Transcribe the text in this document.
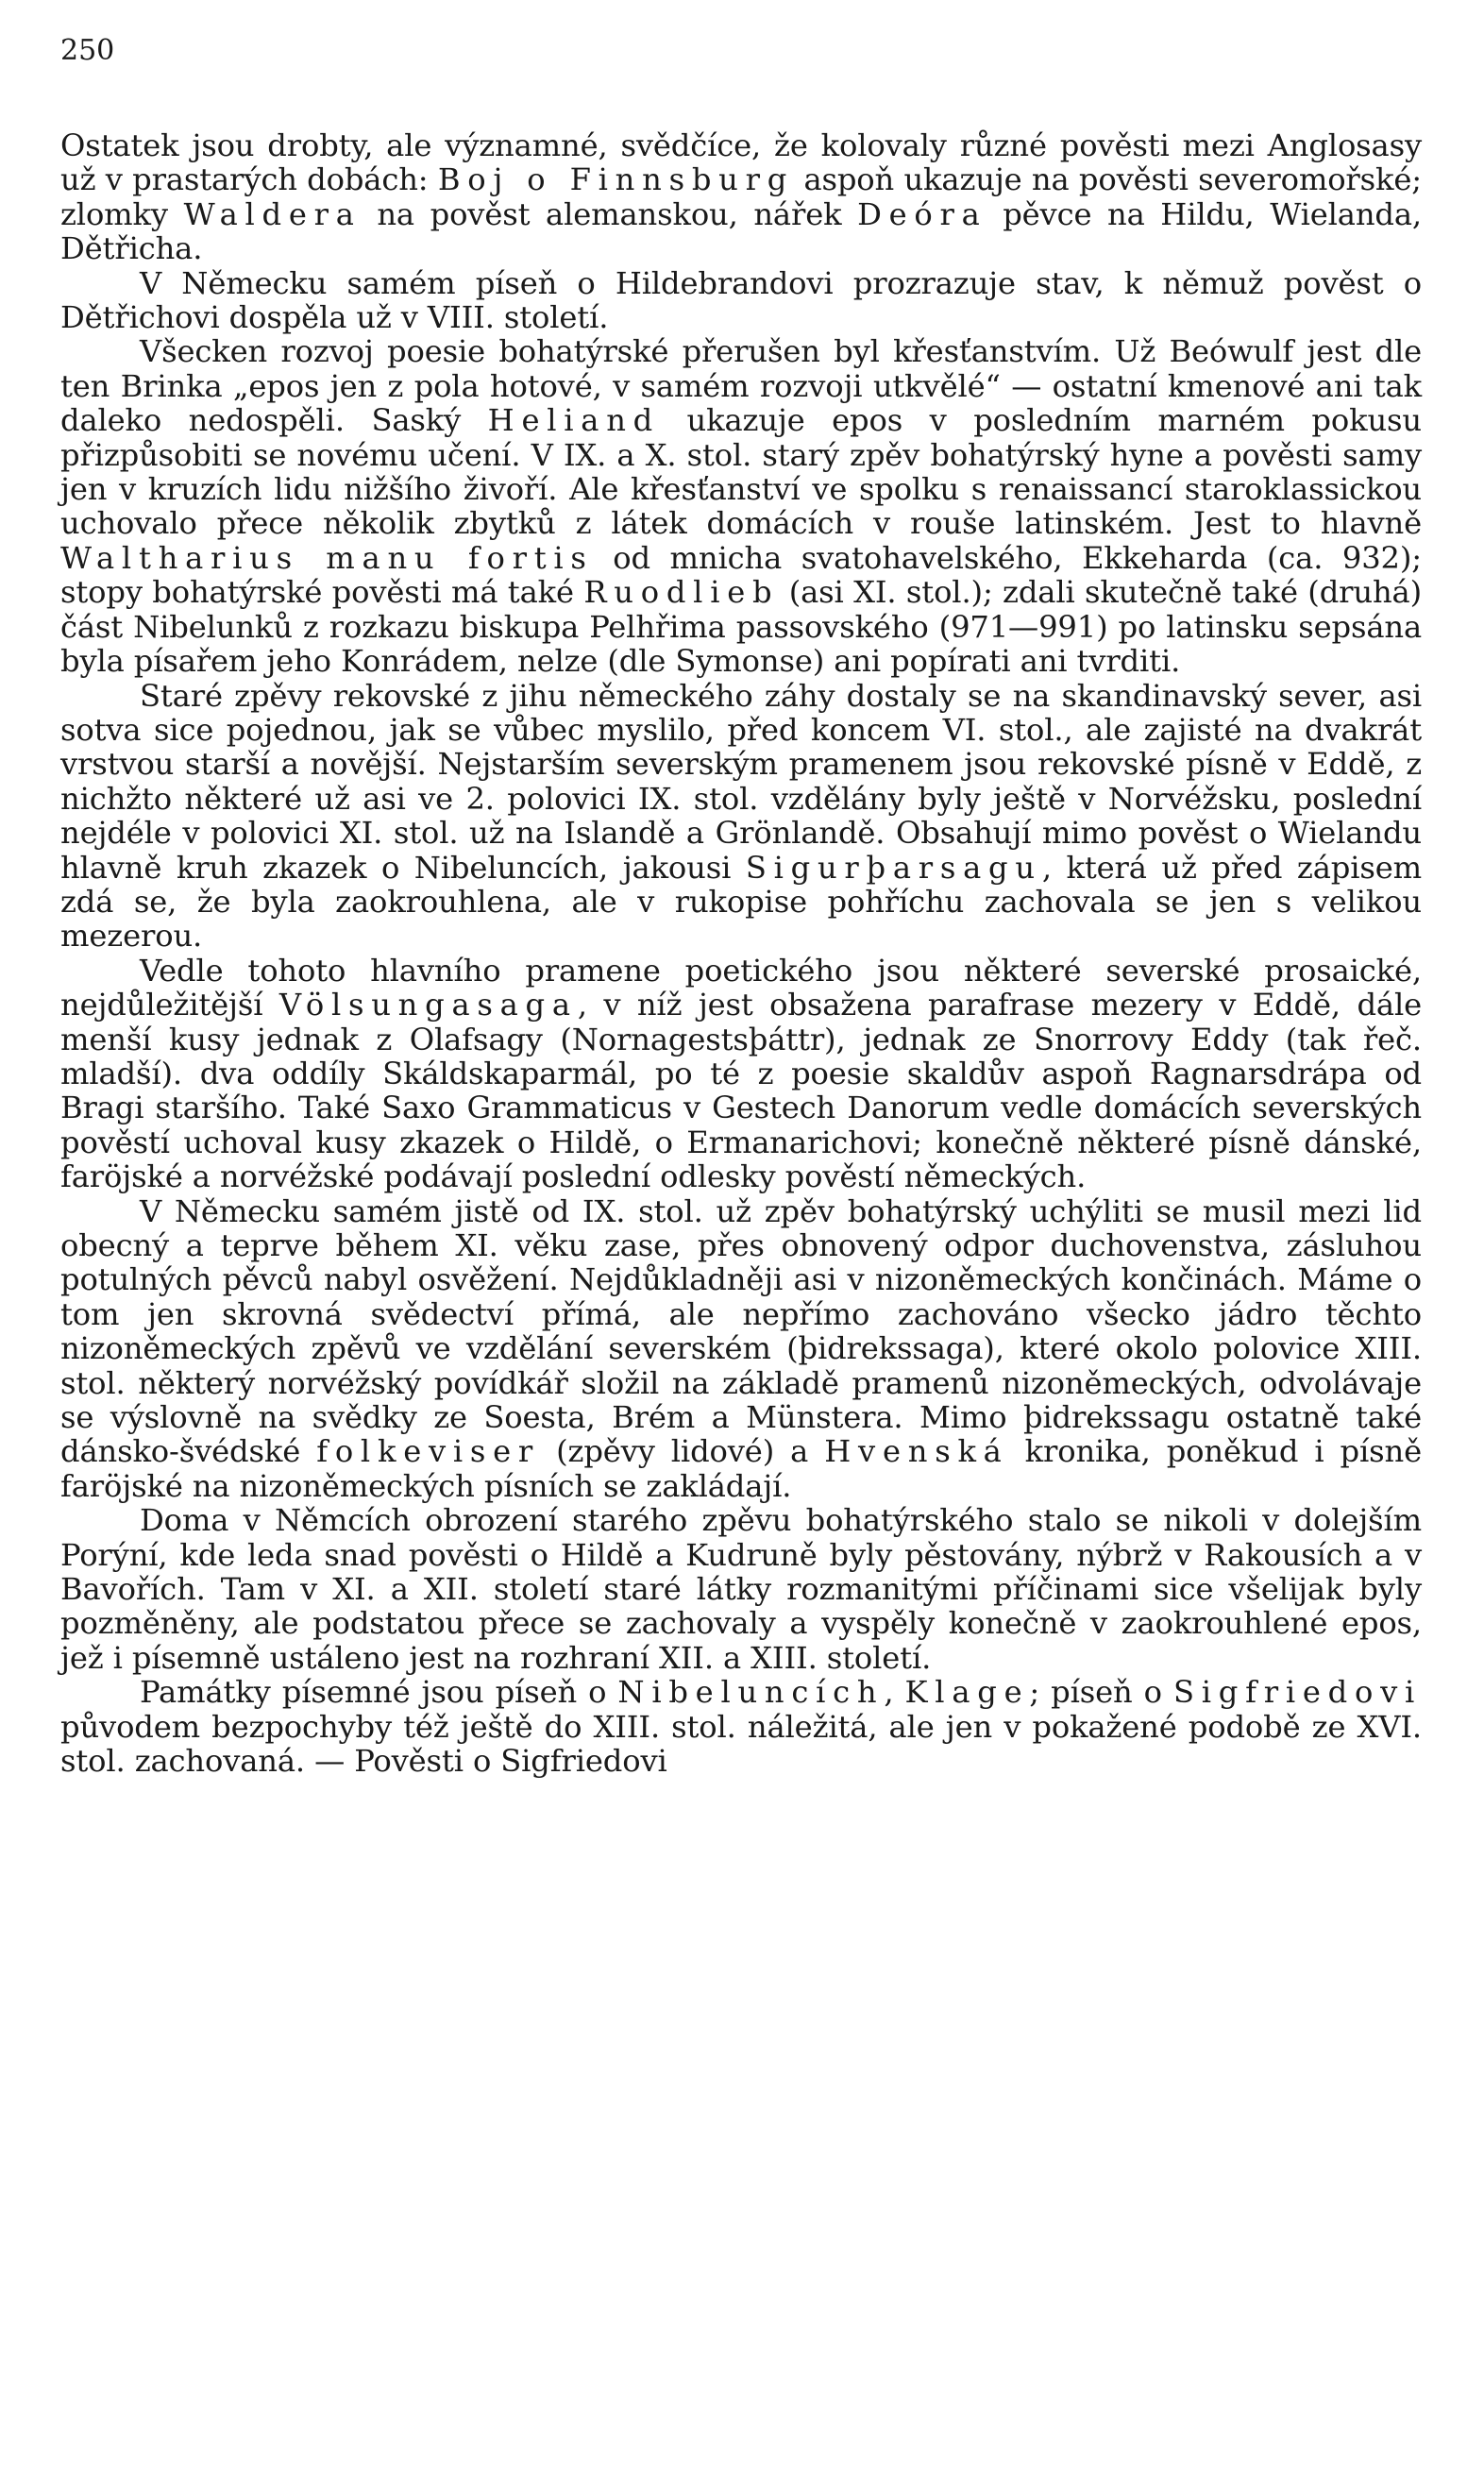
250

Ostatek jsou drobty, ale významné, svědčíce, že kolovaly různé pověsti mezi Anglosasy už v prastarých dobách: Boj o Finnsburg aspoň ukazuje na pověsti severomořské; zlomky Waldera na pověst alemanskou, nářek Deóra pěvce na Hildu, Wielanda, Dětřicha.

V Německu samém píseň o Hildebrandovi prozrazuje stav, k němuž pověst o Dětřichovi dospěla už v VIII. století.

Všecken rozvoj poesie bohatýrské přerušen byl křesťanstvím. Už Beówulf jest dle ten Brinka „epos jen z pola hotové, v samém rozvoji utkvělé“ — ostatní kmenové ani tak daleko nedospěli. Saský Heliand ukazuje epos v posledním marném pokusu přizpůsobiti se novému učení. V IX. a X. stol. starý zpěv bohatýrský hyne a pověsti samy jen v kruzích lidu nižšího živoří. Ale křesťanství ve spolku s renaissancí staroklassickou uchovalo přece několik zbytků z látek domácích v rouše latinském. Jest to hlavně Waltharius manu fortis od mnicha svatohavelského, Ekkeharda (ca. 932); stopy bohatýrské pověsti má také Ruodlieb (asi XI. stol.); zdali skutečně také (druhá) část Nibelunků z rozkazu biskupa Pelhřima passovského (971—991) po latinsku sepsána byla písařem jeho Konrádem, nelze (dle Symonse) ani popírati ani tvrditi.

Staré zpěvy rekovské z jihu německého záhy dostaly se na skandinavský sever, asi sotva sice pojednou, jak se vůbec myslilo, před koncem VI. stol., ale zajisté na dvakrát vrstvou starší a novější. Nejstarším severským pramenem jsou rekovské písně v Eddě, z nichžto některé už asi ve 2. polovici IX. stol. vzdělány byly ještě v Norvéžsku, poslední nejdéle v polovici XI. stol. už na Islandě a Grönlandě. Obsahují mimo pověst o Wielandu hlavně kruh zkazek o Nibeluncích, jakousi Sigurþarsagu, která už před zápisem zdá se, že byla zaokrouhlena, ale v rukopise pohříchu zachovala se jen s velikou mezerou.

Vedle tohoto hlavního pramene poetického jsou některé severské prosaické, nejdůležitější Völsungasaga, v níž jest obsažena parafrase mezery v Eddě, dále menší kusy jednak z Olafsagy (Nornagestsþáttr), jednak ze Snorrovy Eddy (tak řeč. mladší). dva oddíly Skáldskaparmál, po té z poesie skaldův aspoň Ragnarsdrápa od Bragi staršího. Také Saxo Grammaticus v Gestech Danorum vedle domácích severských pověstí uchoval kusy zkazek o Hildě, o Ermanarichovi; konečně některé písně dánské, faröjské a norvéžské podávají poslední odlesky pověstí německých.

V Německu samém jistě od IX. stol. už zpěv bohatýrský uchýliti se musil mezi lid obecný a teprve během XI. věku zase, přes obnovený odpor duchovenstva, zásluhou potulných pěvců nabyl osvěžení. Nejdůkladněji asi v nizoněmeckých končinách. Máme o tom jen skrovná svědectví přímá, ale nepřímo zachováno všecko jádro těchto nizoněmeckých zpěvů ve vzdělání severském (þidrekssaga), které okolo polovice XIII. stol. některý norvéžský povídkář složil na základě pramenů nizoněmeckých, odvolávaje se výslovně na svědky ze Soesta, Brém a Münstera. Mimo þidrekssagu ostatně také dánsko-švédské folkeviser (zpěvy lidové) a Hvenská kronika, poněkud i písně faröjské na nizoněmeckých písních se zakládají.

Doma v Němcích obrození starého zpěvu bohatýrského stalo se nikoli v dolejším Porýní, kde leda snad pověsti o Hildě a Kudruně byly pěstovány, nýbrž v Rakousích a v Bavořích. Tam v XI. a XII. století staré látky rozmanitými příčinami sice všelijak byly pozměněny, ale podstatou přece se zachovaly a vyspěly konečně v zaokrouhlené epos, jež i písemně ustáleno jest na rozhraní XII. a XIII. století.

Památky písemné jsou píseň o Nibeluncích, Klage; píseň o Sigfriedovi původem bezpochyby též ještě do XIII. stol. náležitá, ale jen v pokažené podobě ze XVI. stol. zachovaná. — Pověsti o Sigfriedovi
